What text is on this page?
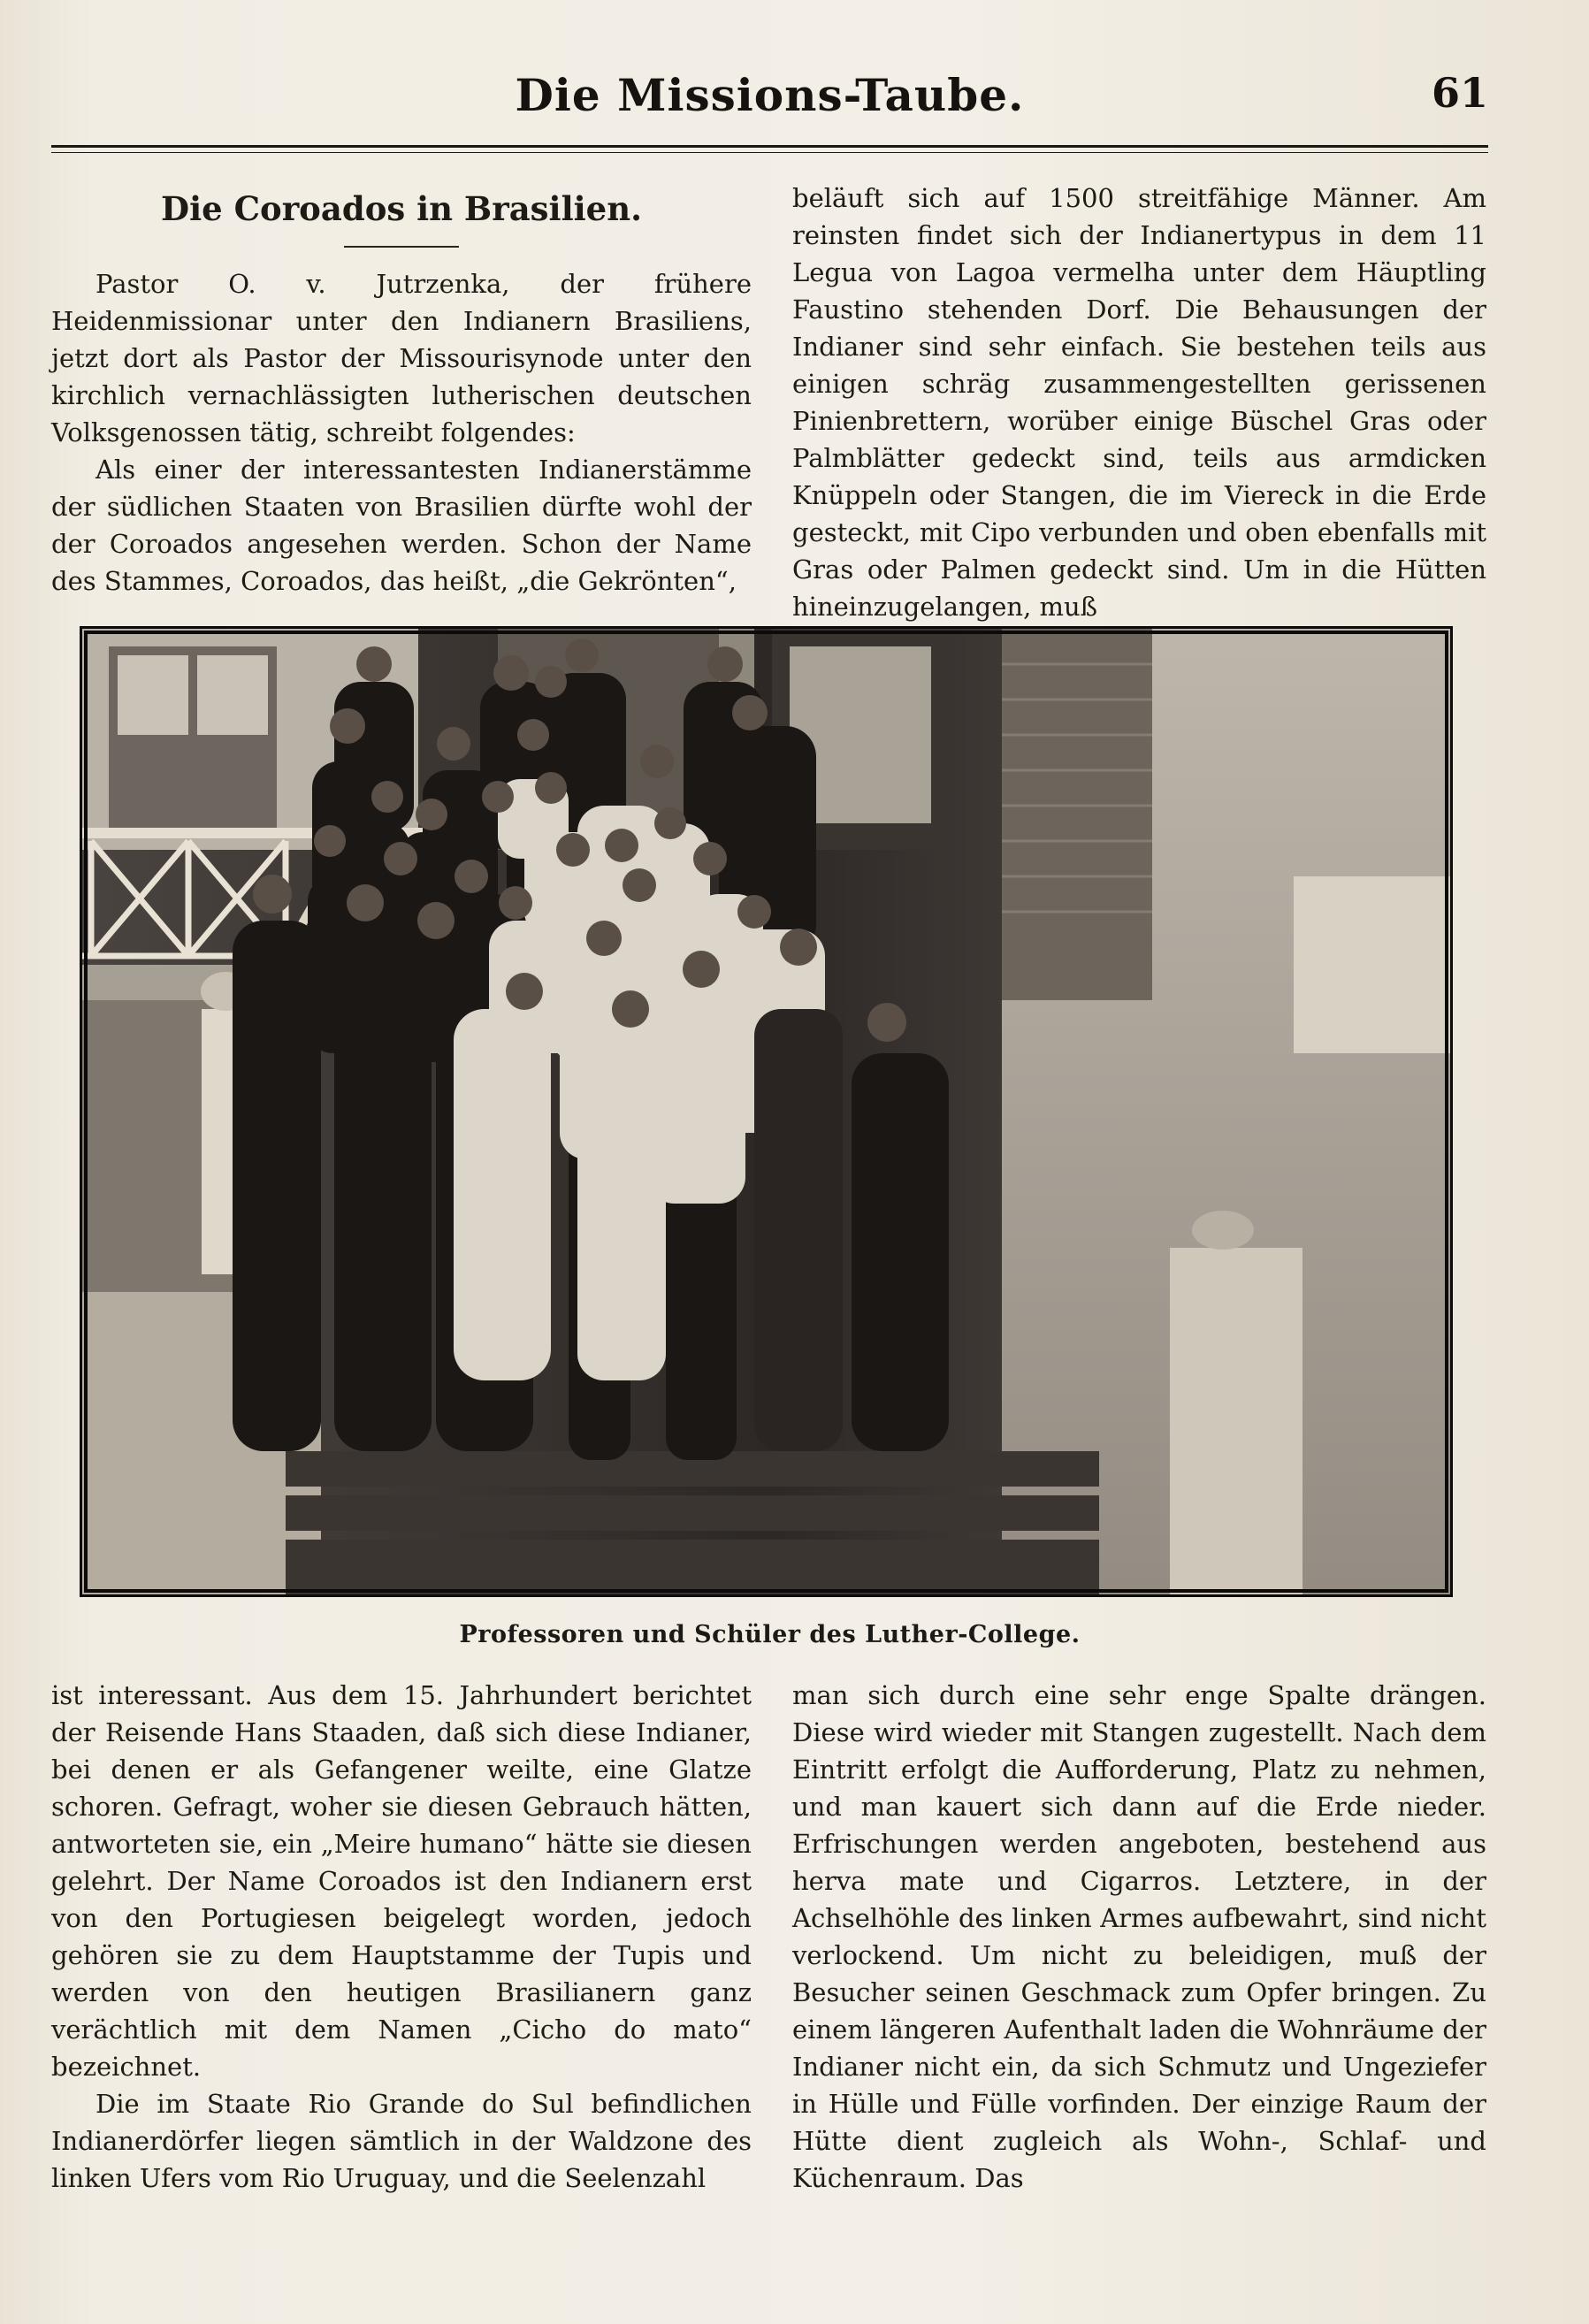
Die Missions-Taube.	61
Die Coroados in Brasilien.

Pastor O. v. Jutrzenka, der frühere Heidenmissionar unter den Indianern Brasiliens, jetzt dort als Pastor der Missourisynode unter den kirchlich vernachlässigten lutherischen deutschen Volksgenossen tätig, schreibt folgendes:

Als einer der interessantesten Indianerstämme der südlichen Staaten von Brasilien dürfte wohl der der Coroados angesehen werden. Schon der Name des Stammes, Coroados, das heißt, „die Gekrönten“,

beläuft sich auf 1500 streitfähige Männer. Am reinsten findet sich der Indianertypus in dem 11 Legua von Lagoa vermelha unter dem Häuptling Faustino stehenden Dorf. Die Behausungen der Indianer sind sehr einfach. Sie bestehen teils aus einigen schräg zusammengestellten gerissenen Pinienbrettern, worüber einige Büschel Gras oder Palmblätter gedeckt sind, teils aus armdicken Knüppeln oder Stangen, die im Viereck in die Erde gesteckt, mit Cipo verbunden und oben ebenfalls mit Gras oder Palmen gedeckt sind. Um in die Hütten hineinzugelangen, muß

Professoren und Schüler des Luther-College.

ist interessant. Aus dem 15. Jahrhundert berichtet der Reisende Hans Staaden, daß sich diese Indianer, bei denen er als Gefangener weilte, eine Glatze schoren. Gefragt, woher sie diesen Gebrauch hätten, antworteten sie, ein „Meire humano“ hätte sie diesen gelehrt. Der Name Coroados ist den Indianern erst von den Portugiesen beigelegt worden, jedoch gehören sie zu dem Hauptstamme der Tupis und werden von den heutigen Brasilianern ganz verächtlich mit dem Namen „Cicho do mato“ bezeichnet.

Die im Staate Rio Grande do Sul befindlichen Indianerdörfer liegen sämtlich in der Waldzone des linken Ufers vom Rio Uruguay, und die Seelenzahl

man sich durch eine sehr enge Spalte drängen. Diese wird wieder mit Stangen zugestellt. Nach dem Eintritt erfolgt die Aufforderung, Platz zu nehmen, und man kauert sich dann auf die Erde nieder. Erfrischungen werden angeboten, bestehend aus herva mate und Cigarros. Letztere, in der Achselhöhle des linken Armes aufbewahrt, sind nicht verlockend. Um nicht zu beleidigen, muß der Besucher seinen Geschmack zum Opfer bringen. Zu einem längeren Aufenthalt laden die Wohnräume der Indianer nicht ein, da sich Schmutz und Ungeziefer in Hülle und Fülle vorfinden. Der einzige Raum der Hütte dient zugleich als Wohn-, Schlaf- und Küchenraum. Das
